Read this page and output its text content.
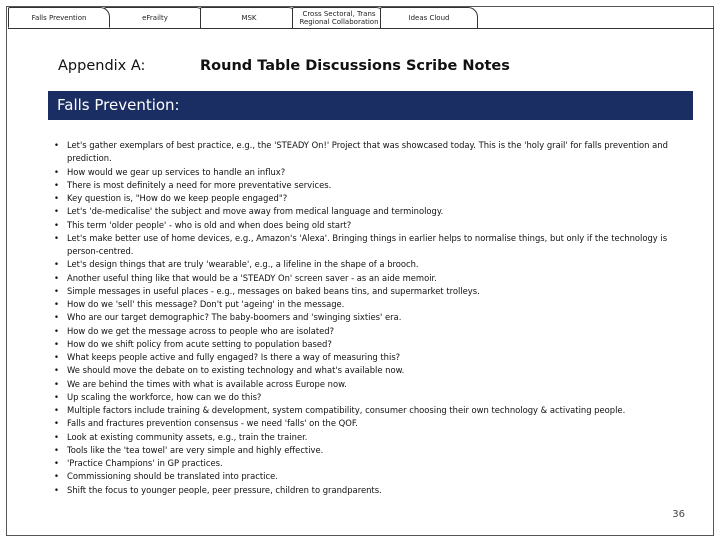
Falls Prevention	eFrailty	MSK	Cross Sectoral, Trans Regional Collaboration	Ideas Cloud
Appendix A:	Round Table Discussions Scribe Notes
Falls Prevention:
• Let's gather exemplars of best practice, e.g., the 'STEADY On!' Project that was showcased today. This is the 'holy grail' for falls prevention and prediction.
• How would we gear up services to handle an influx?
• There is most definitely a need for more preventative services.
• Key question is, "How do we keep people engaged"?
• Let's 'de-medicalise' the subject and move away from medical language and terminology.
• This term 'older people' - who is old and when does being old start?
• Let's make better use of home devices, e.g., Amazon's 'Alexa'. Bringing things in earlier helps to normalise things, but only if the technology is person-centred.
• Let's design things that are truly 'wearable', e.g., a lifeline in the shape of a brooch.
• Another useful thing like that would be a 'STEADY On' screen saver - as an aide memoir.
• Simple messages in useful places - e.g., messages on baked beans tins, and supermarket trolleys.
• How do we 'sell' this message? Don't put 'ageing' in the message.
• Who are our target demographic? The baby-boomers and 'swinging sixties' era.
• How do we get the message across to people who are isolated?
• How do we shift policy from acute setting to population based?
• What keeps people active and fully engaged? Is there a way of measuring this?
• We should move the debate on to existing technology and what's available now.
• We are behind the times with what is available across Europe now.
• Up scaling the workforce, how can we do this?
• Multiple factors include training & development, system compatibility, consumer choosing their own technology & activating people.
• Falls and fractures prevention consensus - we need 'falls' on the QOF.
• Look at existing community assets, e.g., train the trainer.
• Tools like the 'tea towel' are very simple and highly effective.
• 'Practice Champions' in GP practices.
• Commissioning should be translated into practice.
• Shift the focus to younger people, peer pressure, children to grandparents.
36
